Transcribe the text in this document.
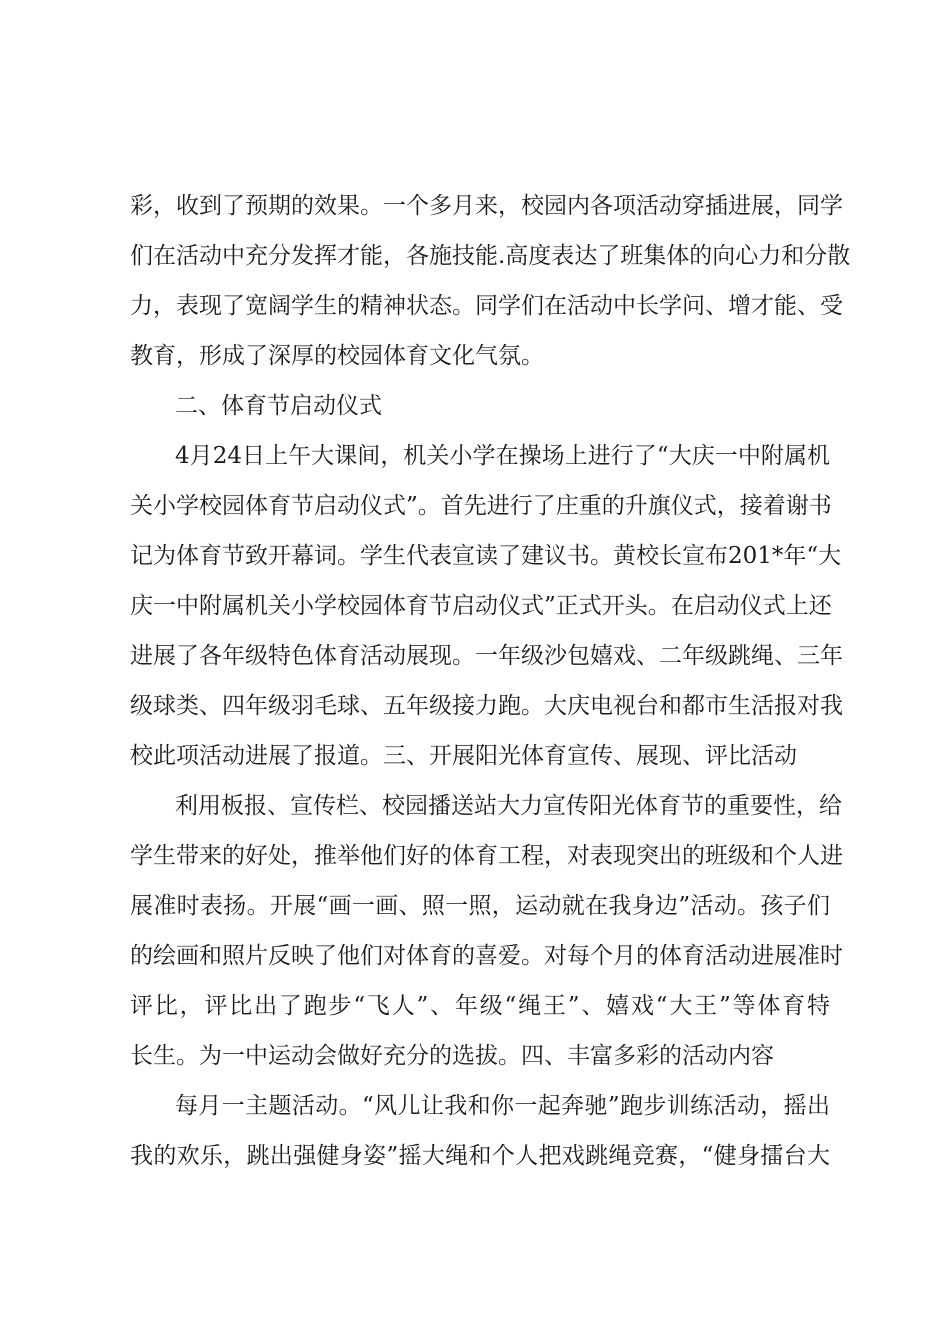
彩，收到了预期的效果。一个多月来，校园内各项活动穿插进展，同学
们在活动中充分发挥才能，各施技能.高度表达了班集体的向心力和分散
力，表现了宽阔学生的精神状态。同学们在活动中长学问、增才能、受
教育，形成了深厚的校园体育文化气氛。
二、体育节启动仪式
4月24日上午大课间，机关小学在操场上进行了“大庆一中附属机
关小学校园体育节启动仪式”。首先进行了庄重的升旗仪式，接着谢书
记为体育节致开幕词。学生代表宣读了建议书。黄校长宣布201*年“大
庆一中附属机关小学校园体育节启动仪式”正式开头。在启动仪式上还
进展了各年级特色体育活动展现。一年级沙包嬉戏、二年级跳绳、三年
级球类、四年级羽毛球、五年级接力跑。大庆电视台和都市生活报对我
校此项活动进展了报道。三、开展阳光体育宣传、展现、评比活动
利用板报、宣传栏、校园播送站大力宣传阳光体育节的重要性，给
学生带来的好处，推举他们好的体育工程，对表现突出的班级和个人进
展准时表扬。开展“画一画、照一照，运动就在我身边”活动。孩子们
的绘画和照片反映了他们对体育的喜爱。对每个月的体育活动进展准时
评比，评比出了跑步“飞人”、年级“绳王”、嬉戏“大王”等体育特
长生。为一中运动会做好充分的选拔。四、丰富多彩的活动内容
每月一主题活动。“风儿让我和你一起奔驰”跑步训练活动，摇出
我的欢乐，跳出强健身姿”摇大绳和个人把戏跳绳竞赛，“健身擂台大
